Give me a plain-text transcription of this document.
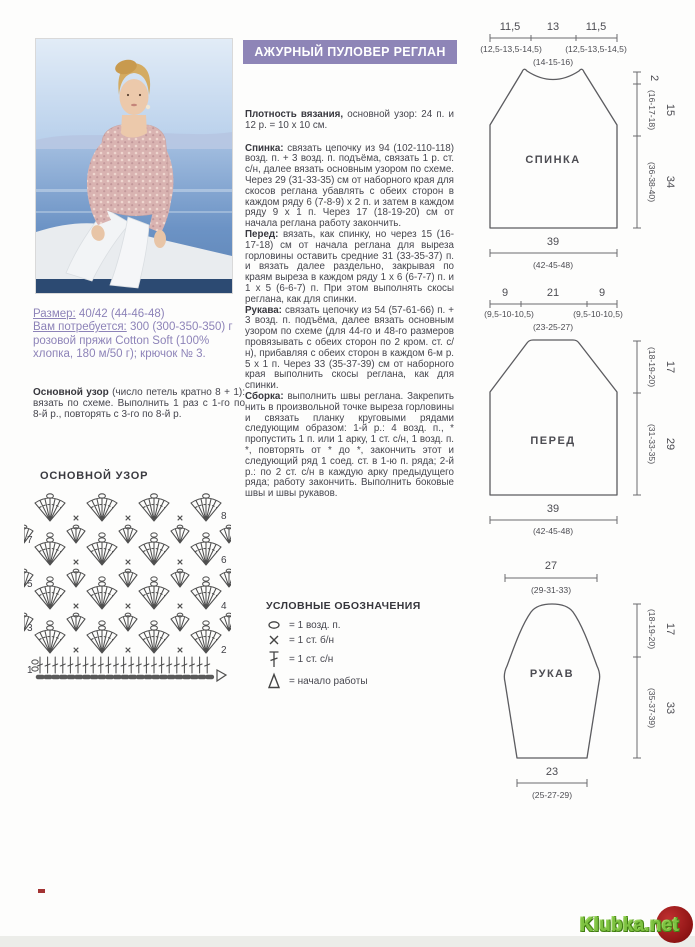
АЖУРНЫЙ ПУЛОВЕР РЕГЛАН

Плотность вязания, основной узор: 24 п. и 12 р. = 10 х 10 см.

Спинка: связать цепочку из 94 (102-110-118) возд. п. + 3 возд. п. подъёма, связать 1 р. ст. с/н, далее вязать основным узором по схеме. Через 29 (31-33-35) см от наборного края для скосов реглана убавлять с обеих сторон в каждом ряду 6 (7-8-9) х 2 п. и затем в каждом ряду 9 х 1 п. Через 17 (18-19-20) см от начала реглана работу закончить.

Перед: вязать, как спинку, но через 15 (16-17-18) см от начала реглана для выреза горловины оставить средние 31 (33-35-37) п. и вязать далее раздельно, закрывая по краям выреза в каждом ряду 1 х 6 (6-7-7) п. и 1 х 5 (6-6-7) п. При этом выполнять скосы реглана, как для спинки.

Рукава: связать цепочку из 54 (57-61-66) п. + 3 возд. п. подъёма, далее вязать основным узором по схеме (для 44-го и 48-го размеров провязывать с обеих сторон по 2 кром. ст. с/н), прибавляя с обеих сторон в каждом 6-м р. 5 х 1 п. Через 33 (35-37-39) см от наборного края выполнить скосы реглана, как для спинки.

Сборка: выполнить швы реглана. Закрепить нить в произвольной точке выреза горловины и связать планку круговыми рядами следующим образом: 1-й р.: 4 возд. п., * пропустить 1 п. или 1 арку, 1 ст. с/н, 1 возд. п. *, повторять от * до *, закончить этот и следующий ряд 1 соед. ст. в 1-ю п. ряда; 2-й р.: по 2 ст. с/н в каждую арку предыдущего ряда; работу закончить. Выполнить боковые швы и швы рукавов.

Размер: 40/42 (44-46-48)
Вам потребуется: 300 (300-350-350) г розовой пряжи Cotton Soft (100% хлопка, 180 м/50 г); крючок № 3.
Основной узор (число петель кратно 8 + 1): вязать по схеме. Выполнить 1 раз с 1-го по 8-й р., повторять с 3-го по 8-й р.
ОСНОВНОЙ УЗОР
8
7
6
5
4
3
2
1
УСЛОВНЫЕ ОБОЗНАЧЕНИЯ
= 1 возд. п.
= 1 ст. б/н
= 1 ст. с/н
= начало работы
11,5 13 11,5
(12,5-13,5-14,5)	(12,5-13,5-14,5)
(14-15-16)
СПИНКА
2
(16-17-18) 15
(36-38-40) 34
39
(42-45-48)
9	21	9
(9,5-10-10,5)	(9,5-10-10,5)
(23-25-27)
ПЕРЕД
(18-19-20) 17
(31-33-35) 29
39
(42-45-48)
27
(29-31-33)
РУКАВ
(18-19-20) 17
(35-37-39) 33
23
(25-27-29)
Klubka.net
